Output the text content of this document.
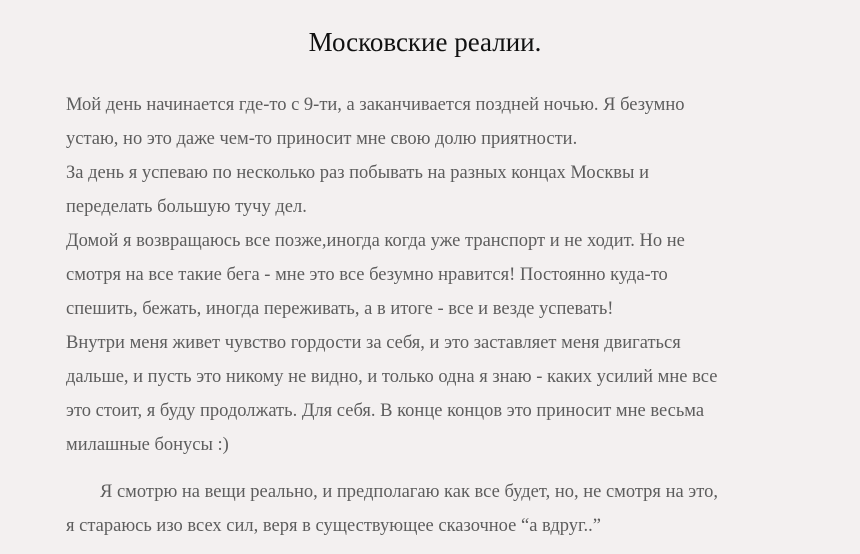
Московские реалии.
Мой день начинается где-то с 9-ти, а заканчивается поздней ночью. Я безумно
устаю, но это даже чем-то приносит мне свою долю приятности.
За день я успеваю по несколько раз побывать на разных концах Москвы и
переделать большую тучу дел.
Домой я возвращаюсь все позже,иногда когда уже транспорт и не ходит. Но не
смотря на все такие бега - мне это все безумно нравится! Постоянно куда-то
спешить, бежать, иногда переживать, а в итоге - все и везде успевать!
Внутри меня живет чувство гордости за себя, и это заставляет меня двигаться
дальше, и пусть это никому не видно, и только одна я знаю - каких усилий мне все
это стоит, я буду продолжать. Для себя. В конце концов это приносит мне весьма
милашные бонусы :)
Я смотрю на вещи реально, и предполагаю как все будет, но, не смотря на это,
я стараюсь изо всех сил, веря в существующее сказочное “а вдруг..”
